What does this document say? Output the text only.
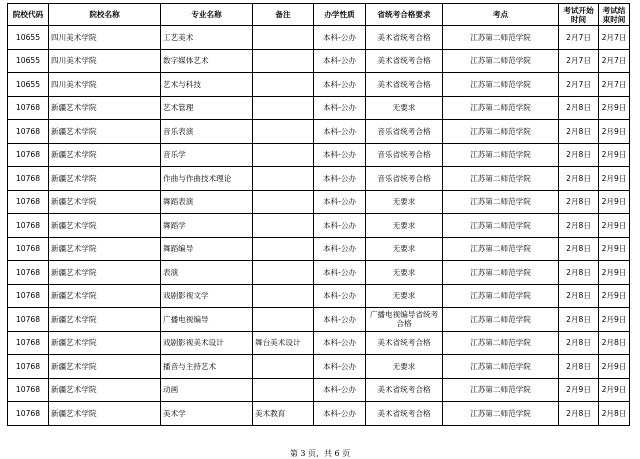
院校代码	院校名称	专业名称	备注	办学性质	省统考合格要求	考点	考试开始时间	考试结束时间
10655	四川美术学院	工艺美术		本科-公办	美术省统考合格	江苏第二师范学院	2月7日	2月7日
10655	四川美术学院	数字媒体艺术		本科-公办	美术省统考合格	江苏第二师范学院	2月7日	2月7日
10655	四川美术学院	艺术与科技		本科-公办	美术省统考合格	江苏第二师范学院	2月7日	2月7日
10768	新疆艺术学院	艺术管理		本科-公办	无要求	江苏第二师范学院	2月8日	2月9日
10768	新疆艺术学院	音乐表演		本科-公办	音乐省统考合格	江苏第二师范学院	2月8日	2月9日
10768	新疆艺术学院	音乐学		本科-公办	音乐省统考合格	江苏第二师范学院	2月8日	2月9日
10768	新疆艺术学院	作曲与作曲技术理论		本科-公办	音乐省统考合格	江苏第二师范学院	2月8日	2月9日
10768	新疆艺术学院	舞蹈表演		本科-公办	无要求	江苏第二师范学院	2月8日	2月9日
10768	新疆艺术学院	舞蹈学		本科-公办	无要求	江苏第二师范学院	2月8日	2月9日
10768	新疆艺术学院	舞蹈编导		本科-公办	无要求	江苏第二师范学院	2月8日	2月9日
10768	新疆艺术学院	表演		本科-公办	无要求	江苏第二师范学院	2月8日	2月9日
10768	新疆艺术学院	戏剧影视文学		本科-公办	无要求	江苏第二师范学院	2月8日	2月9日
10768	新疆艺术学院	广播电视编导		本科-公办	广播电视编导省统考合格	江苏第二师范学院	2月8日	2月9日
10768	新疆艺术学院	戏剧影视美术设计	舞台美术设计	本科-公办	美术省统考合格	江苏第二师范学院	2月8日	2月8日
10768	新疆艺术学院	播音与主持艺术		本科-公办	无要求	江苏第二师范学院	2月8日	2月9日
10768	新疆艺术学院	动画		本科-公办	美术省统考合格	江苏第二师范学院	2月9日	2月9日
10768	新疆艺术学院	美术学	美术教育	本科-公办	美术省统考合格	江苏第二师范学院	2月8日	2月8日
第 3 页，共 6 页
